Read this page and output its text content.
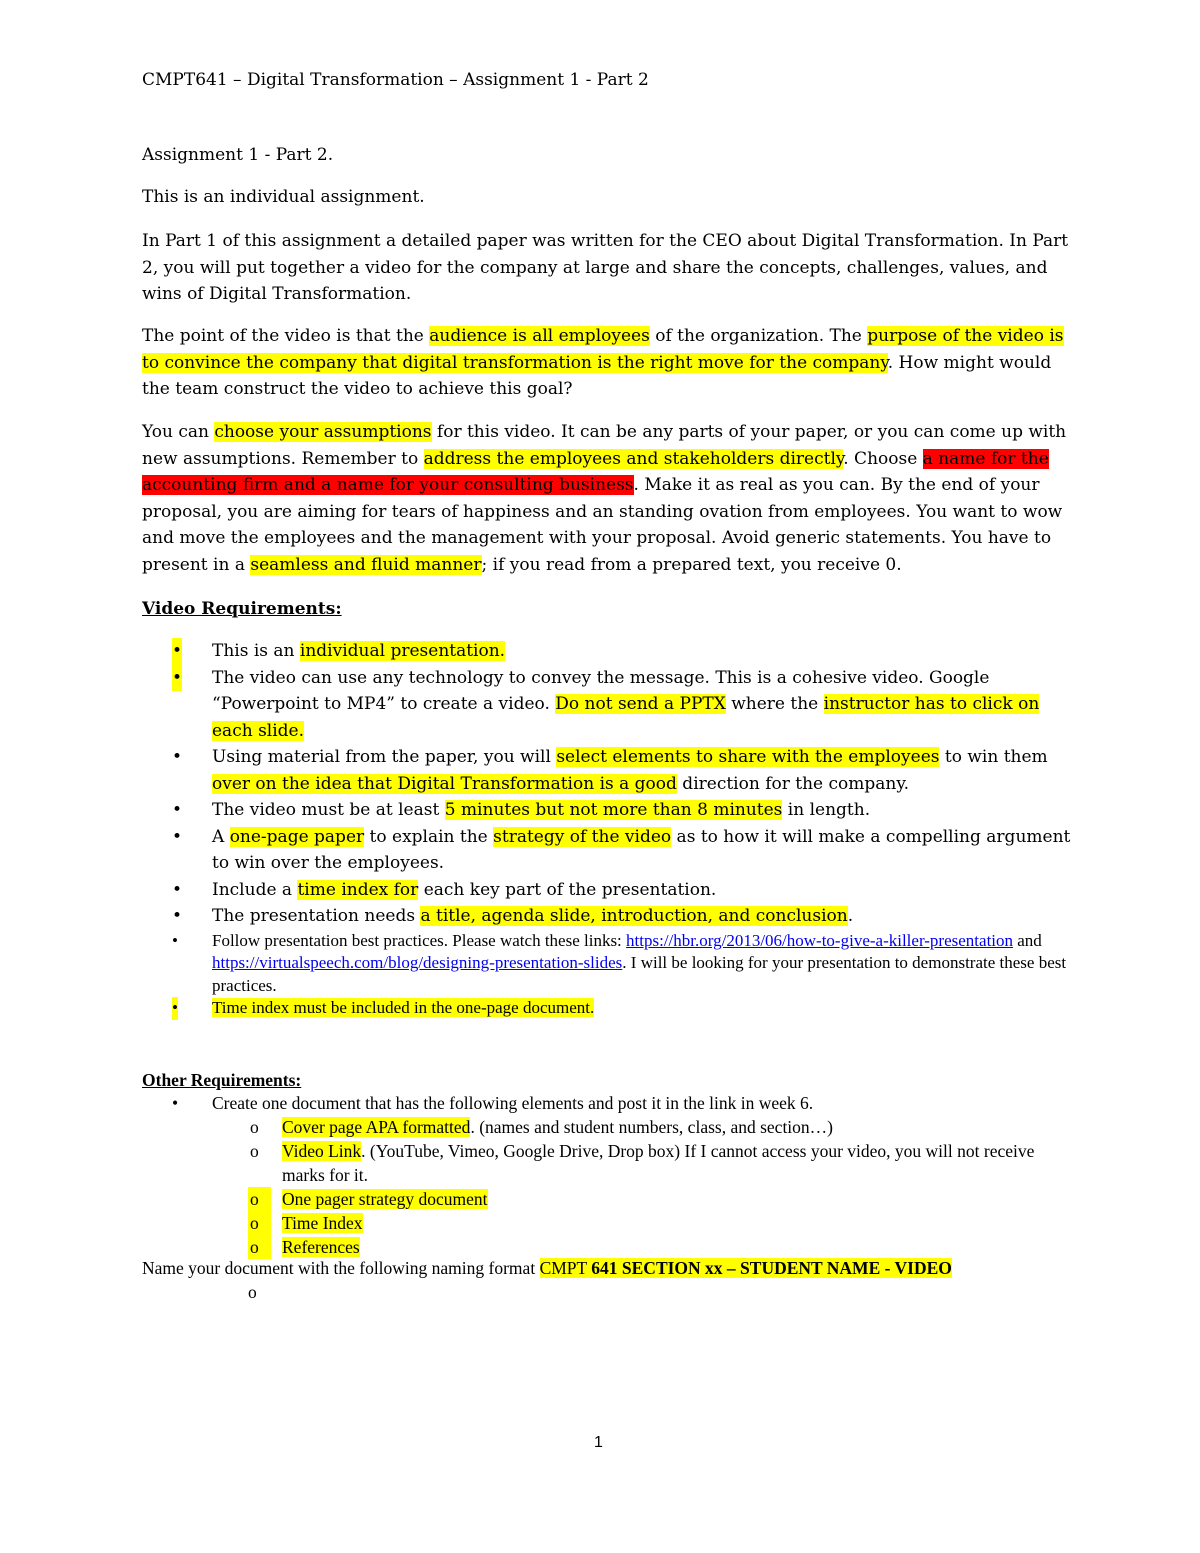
CMPT641 – Digital Transformation – Assignment 1 - Part 2
Assignment 1 - Part 2.
This is an individual assignment.
In Part 1 of this assignment a detailed paper was written for the CEO about Digital Transformation. In Part 2, you will put together a video for the company at large and share the concepts, challenges, values, and wins of Digital Transformation.
The point of the video is that the audience is all employees of the organization. The purpose of the video is to convince the company that digital transformation is the right move for the company. How might would the team construct the video to achieve this goal?
You can choose your assumptions for this video. It can be any parts of your paper, or you can come up with new assumptions. Remember to address the employees and stakeholders directly. Choose a name for the accounting firm and a name for your consulting business. Make it as real as you can. By the end of your proposal, you are aiming for tears of happiness and an standing ovation from employees. You want to wow and move the employees and the management with your proposal. Avoid generic statements. You have to present in a seamless and fluid manner; if you read from a prepared text, you receive 0.
Video Requirements:
• This is an individual presentation.
• The video can use any technology to convey the message. This is a cohesive video. Google “Powerpoint to MP4” to create a video. Do not send a PPTX where the instructor has to click on each slide.
• Using material from the paper, you will select elements to share with the employees to win them over on the idea that Digital Transformation is a good direction for the company.
• The video must be at least 5 minutes but not more than 8 minutes in length.
• A one-page paper to explain the strategy of the video as to how it will make a compelling argument to win over the employees.
• Include a time index for each key part of the presentation.
• The presentation needs a title, agenda slide, introduction, and conclusion.
• Follow presentation best practices. Please watch these links: https://hbr.org/2013/06/how-to-give-a-killer-presentation and https://virtualspeech.com/blog/designing-presentation-slides. I will be looking for your presentation to demonstrate these best practices.
• Time index must be included in the one-page document.
Other Requirements:
• Create one document that has the following elements and post it in the link in week 6.
o Cover page APA formatted. (names and student numbers, class, and section…)
o Video Link. (YouTube, Vimeo, Google Drive, Drop box) If I cannot access your video, you will not receive marks for it.
o	One pager strategy document
o	Time Index
o	References
Name your document with the following naming format CMPT 641 SECTION xx – STUDENT NAME - VIDEO
o
1
